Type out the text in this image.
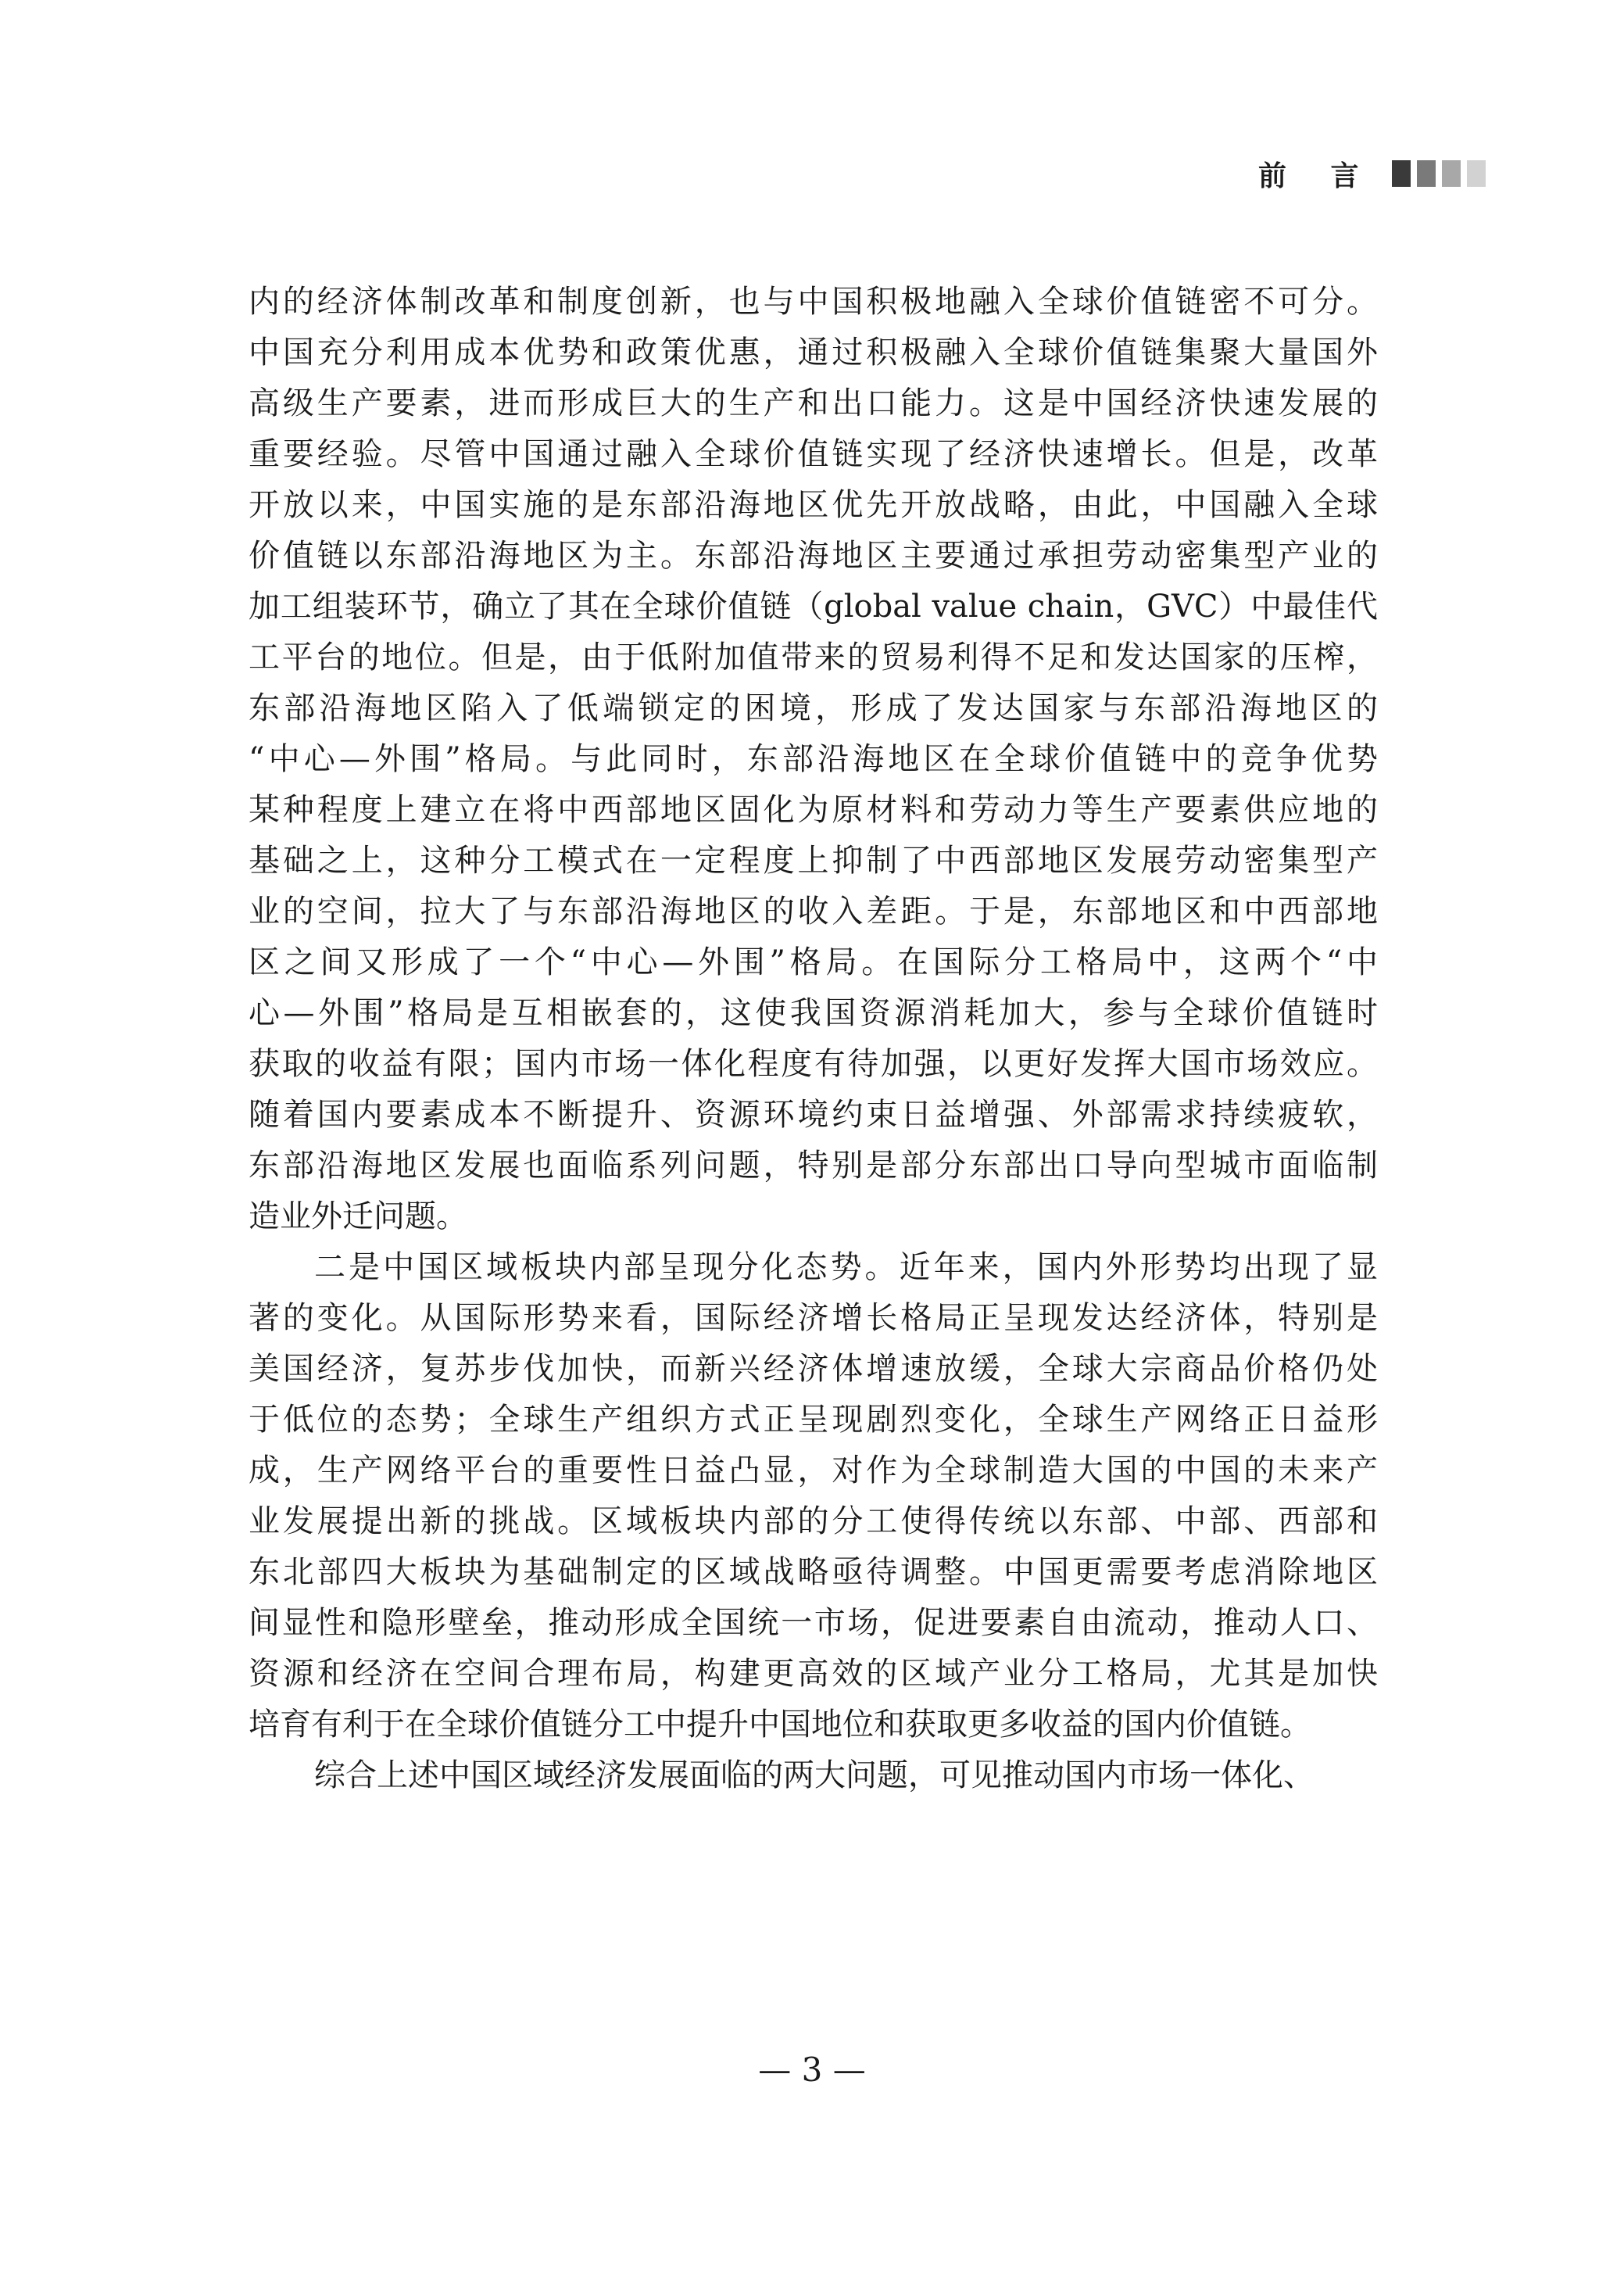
前 言
内的经济体制改革和制度创新，也与中国积极地融入全球价值链密不可分。
中国充分利用成本优势和政策优惠，通过积极融入全球价值链集聚大量国外
高级生产要素，进而形成巨大的生产和出口能力。这是中国经济快速发展的
重要经验。尽管中国通过融入全球价值链实现了经济快速增长。但是，改革
开放以来，中国实施的是东部沿海地区优先开放战略，由此，中国融入全球
价值链以东部沿海地区为主。东部沿海地区主要通过承担劳动密集型产业的
加工组装环节，确立了其在全球价值链（global value chain，GVC）中最佳代
工平台的地位。但是，由于低附加值带来的贸易利得不足和发达国家的压榨，
东部沿海地区陷入了低端锁定的困境，形成了发达国家与东部沿海地区的
“中心—外围”格局。与此同时，东部沿海地区在全球价值链中的竞争优势
某种程度上建立在将中西部地区固化为原材料和劳动力等生产要素供应地的
基础之上，这种分工模式在一定程度上抑制了中西部地区发展劳动密集型产
业的空间，拉大了与东部沿海地区的收入差距。于是，东部地区和中西部地
区之间又形成了一个“中心—外围”格局。在国际分工格局中，这两个“中
心—外围”格局是互相嵌套的，这使我国资源消耗加大，参与全球价值链时
获取的收益有限；国内市场一体化程度有待加强，以更好发挥大国市场效应。
随着国内要素成本不断提升、资源环境约束日益增强、外部需求持续疲软，
东部沿海地区发展也面临系列问题，特别是部分东部出口导向型城市面临制
造业外迁问题。
二是中国区域板块内部呈现分化态势。近年来，国内外形势均出现了显
著的变化。从国际形势来看，国际经济增长格局正呈现发达经济体，特别是
美国经济，复苏步伐加快，而新兴经济体增速放缓，全球大宗商品价格仍处
于低位的态势；全球生产组织方式正呈现剧烈变化，全球生产网络正日益形
成，生产网络平台的重要性日益凸显，对作为全球制造大国的中国的未来产
业发展提出新的挑战。区域板块内部的分工使得传统以东部、中部、西部和
东北部四大板块为基础制定的区域战略亟待调整。中国更需要考虑消除地区
间显性和隐形壁垒，推动形成全国统一市场，促进要素自由流动，推动人口、
资源和经济在空间合理布局，构建更高效的区域产业分工格局，尤其是加快
培育有利于在全球价值链分工中提升中国地位和获取更多收益的国内价值链。
综合上述中国区域经济发展面临的两大问题，可见推动国内市场一体化、
— 3 —
